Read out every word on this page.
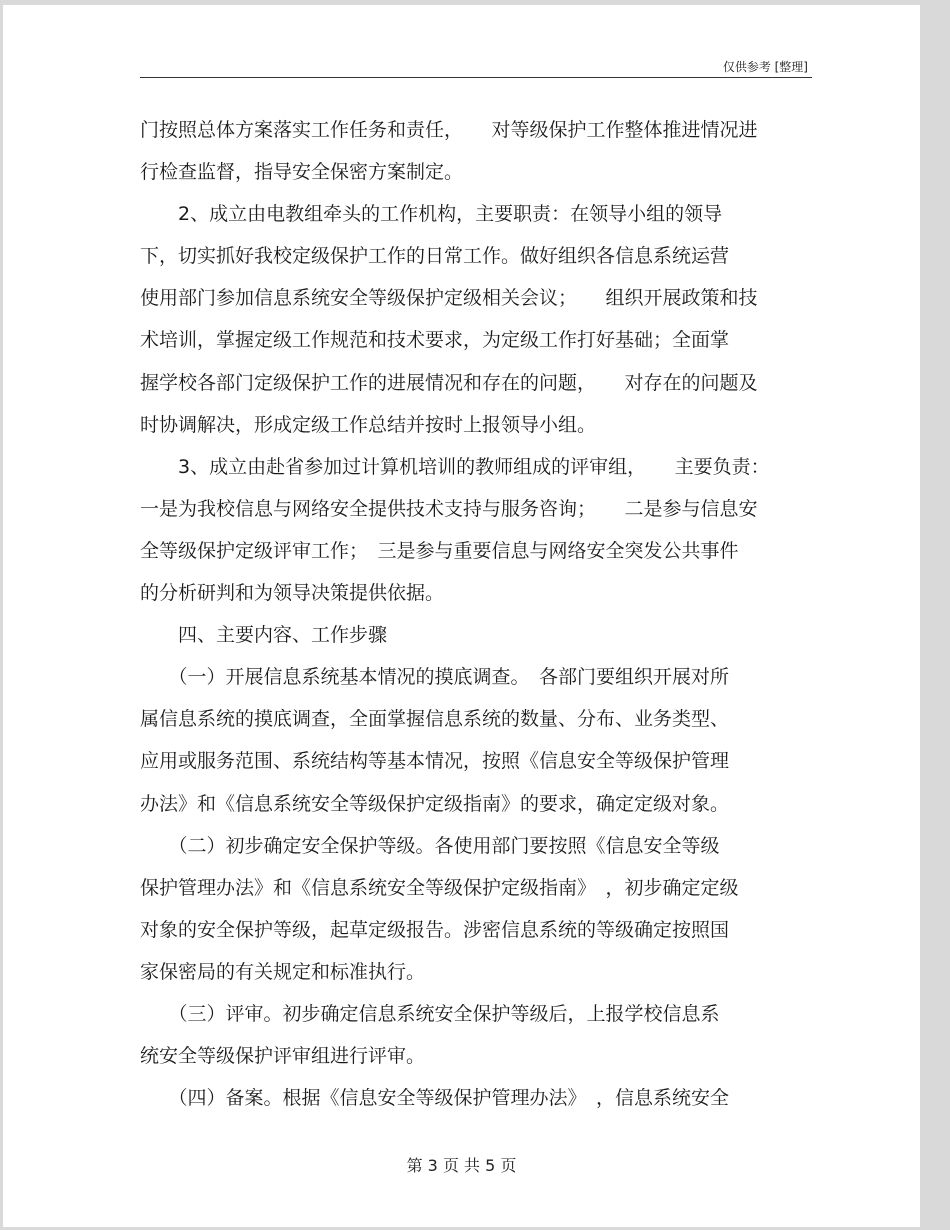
仅供参考 [整理]
门按照总体方案落实工作任务和责任，　　对等级保护工作整体推进情况进
行检查监督，指导安全保密方案制定。
　　2、成立由电教组牵头的工作机构，主要职责：在领导小组的领导
下，切实抓好我校定级保护工作的日常工作。做好组织各信息系统运营
使用部门参加信息系统安全等级保护定级相关会议；　　组织开展政策和技
术培训，掌握定级工作规范和技术要求，为定级工作打好基础；全面掌
握学校各部门定级保护工作的进展情况和存在的问题，　　对存在的问题及
时协调解决，形成定级工作总结并按时上报领导小组。
　　3、成立由赴省参加过计算机培训的教师组成的评审组，　　主要负责：
一是为我校信息与网络安全提供技术支持与服务咨询；　　二是参与信息安
全等级保护定级评审工作；　三是参与重要信息与网络安全突发公共事件
的分析研判和为领导决策提供依据。
　　四、主要内容、工作步骤
　　（一）开展信息系统基本情况的摸底调查。　各部门要组织开展对所
属信息系统的摸底调查，全面掌握信息系统的数量、分布、业务类型、
应用或服务范围、系统结构等基本情况，按照《信息安全等级保护管理
办法》和《信息系统安全等级保护定级指南》的要求，确定定级对象。
　　（二）初步确定安全保护等级。各使用部门要按照《信息安全等级
保护管理办法》和《信息系统安全等级保护定级指南》　，初步确定定级
对象的安全保护等级，起草定级报告。涉密信息系统的等级确定按照国
家保密局的有关规定和标准执行。
　　（三）评审。初步确定信息系统安全保护等级后，上报学校信息系
统安全等级保护评审组进行评审。
　　（四）备案。根据《信息安全等级保护管理办法》　，信息系统安全
第 3 页 共 5 页
